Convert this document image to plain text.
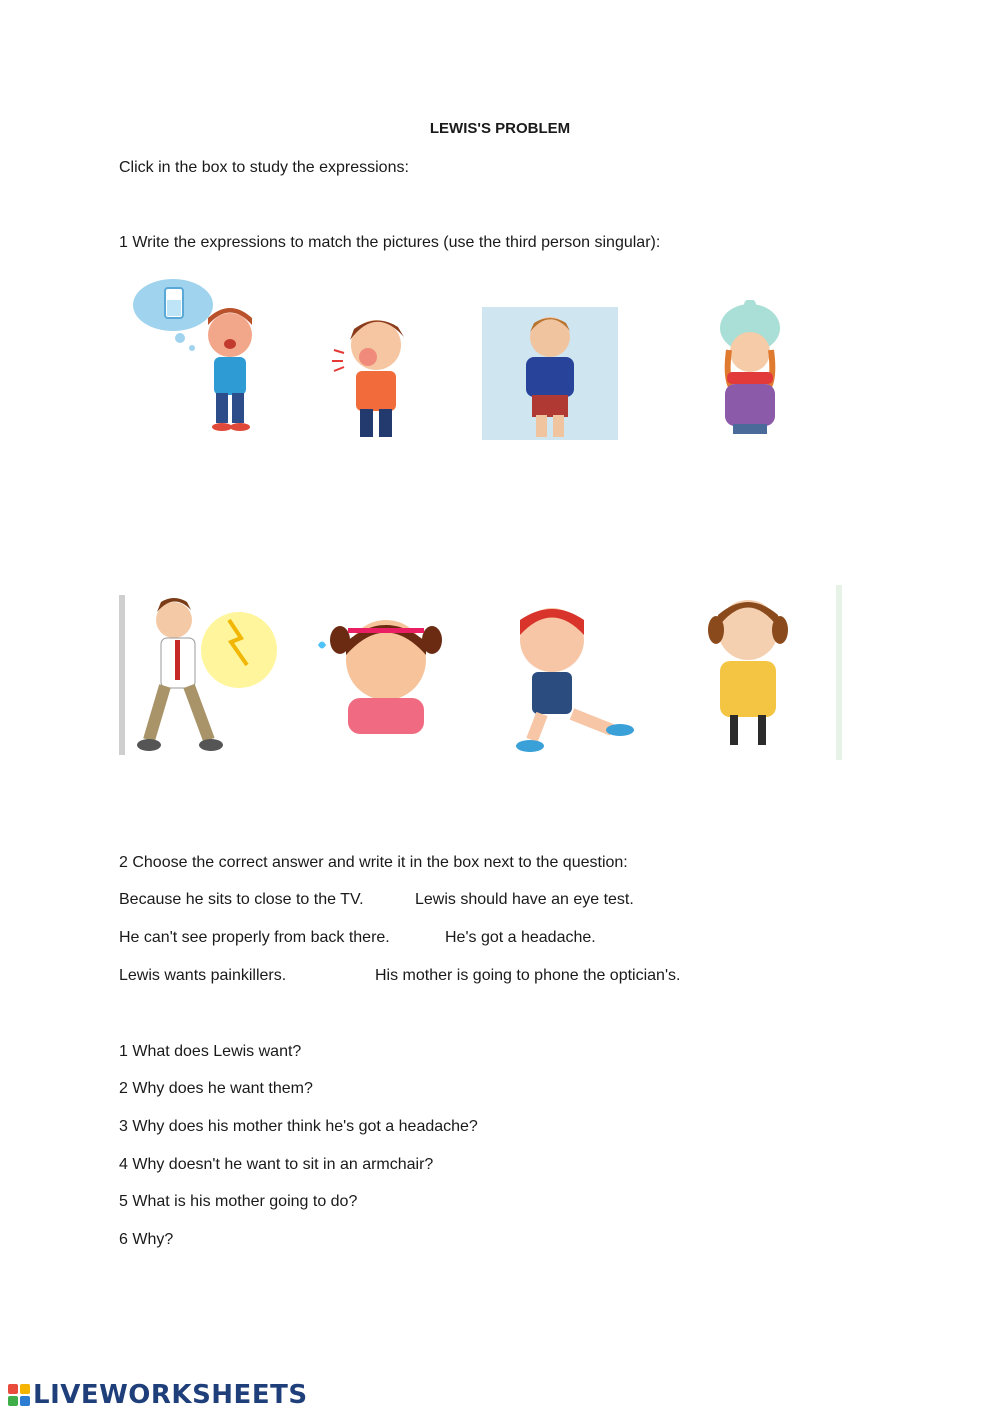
LEWIS'S PROBLEM
Click in the box to study the expressions:
1 Write the expressions to match the pictures (use the third person singular):
2 Choose the correct answer and write it in the box next to the question:
Because he sits to close to the TV.	Lewis should have an eye test.
He can't see properly from back there.	He's got a headache.
Lewis wants painkillers.	His mother is going to phone the optician's.
1 What does Lewis want?
2 Why does he want them?
3 Why does his mother think he's got a headache?
4 Why doesn't he want to sit in an armchair?
5 What is his mother going to do?
6 Why?
LIVEWORKSHEETS
